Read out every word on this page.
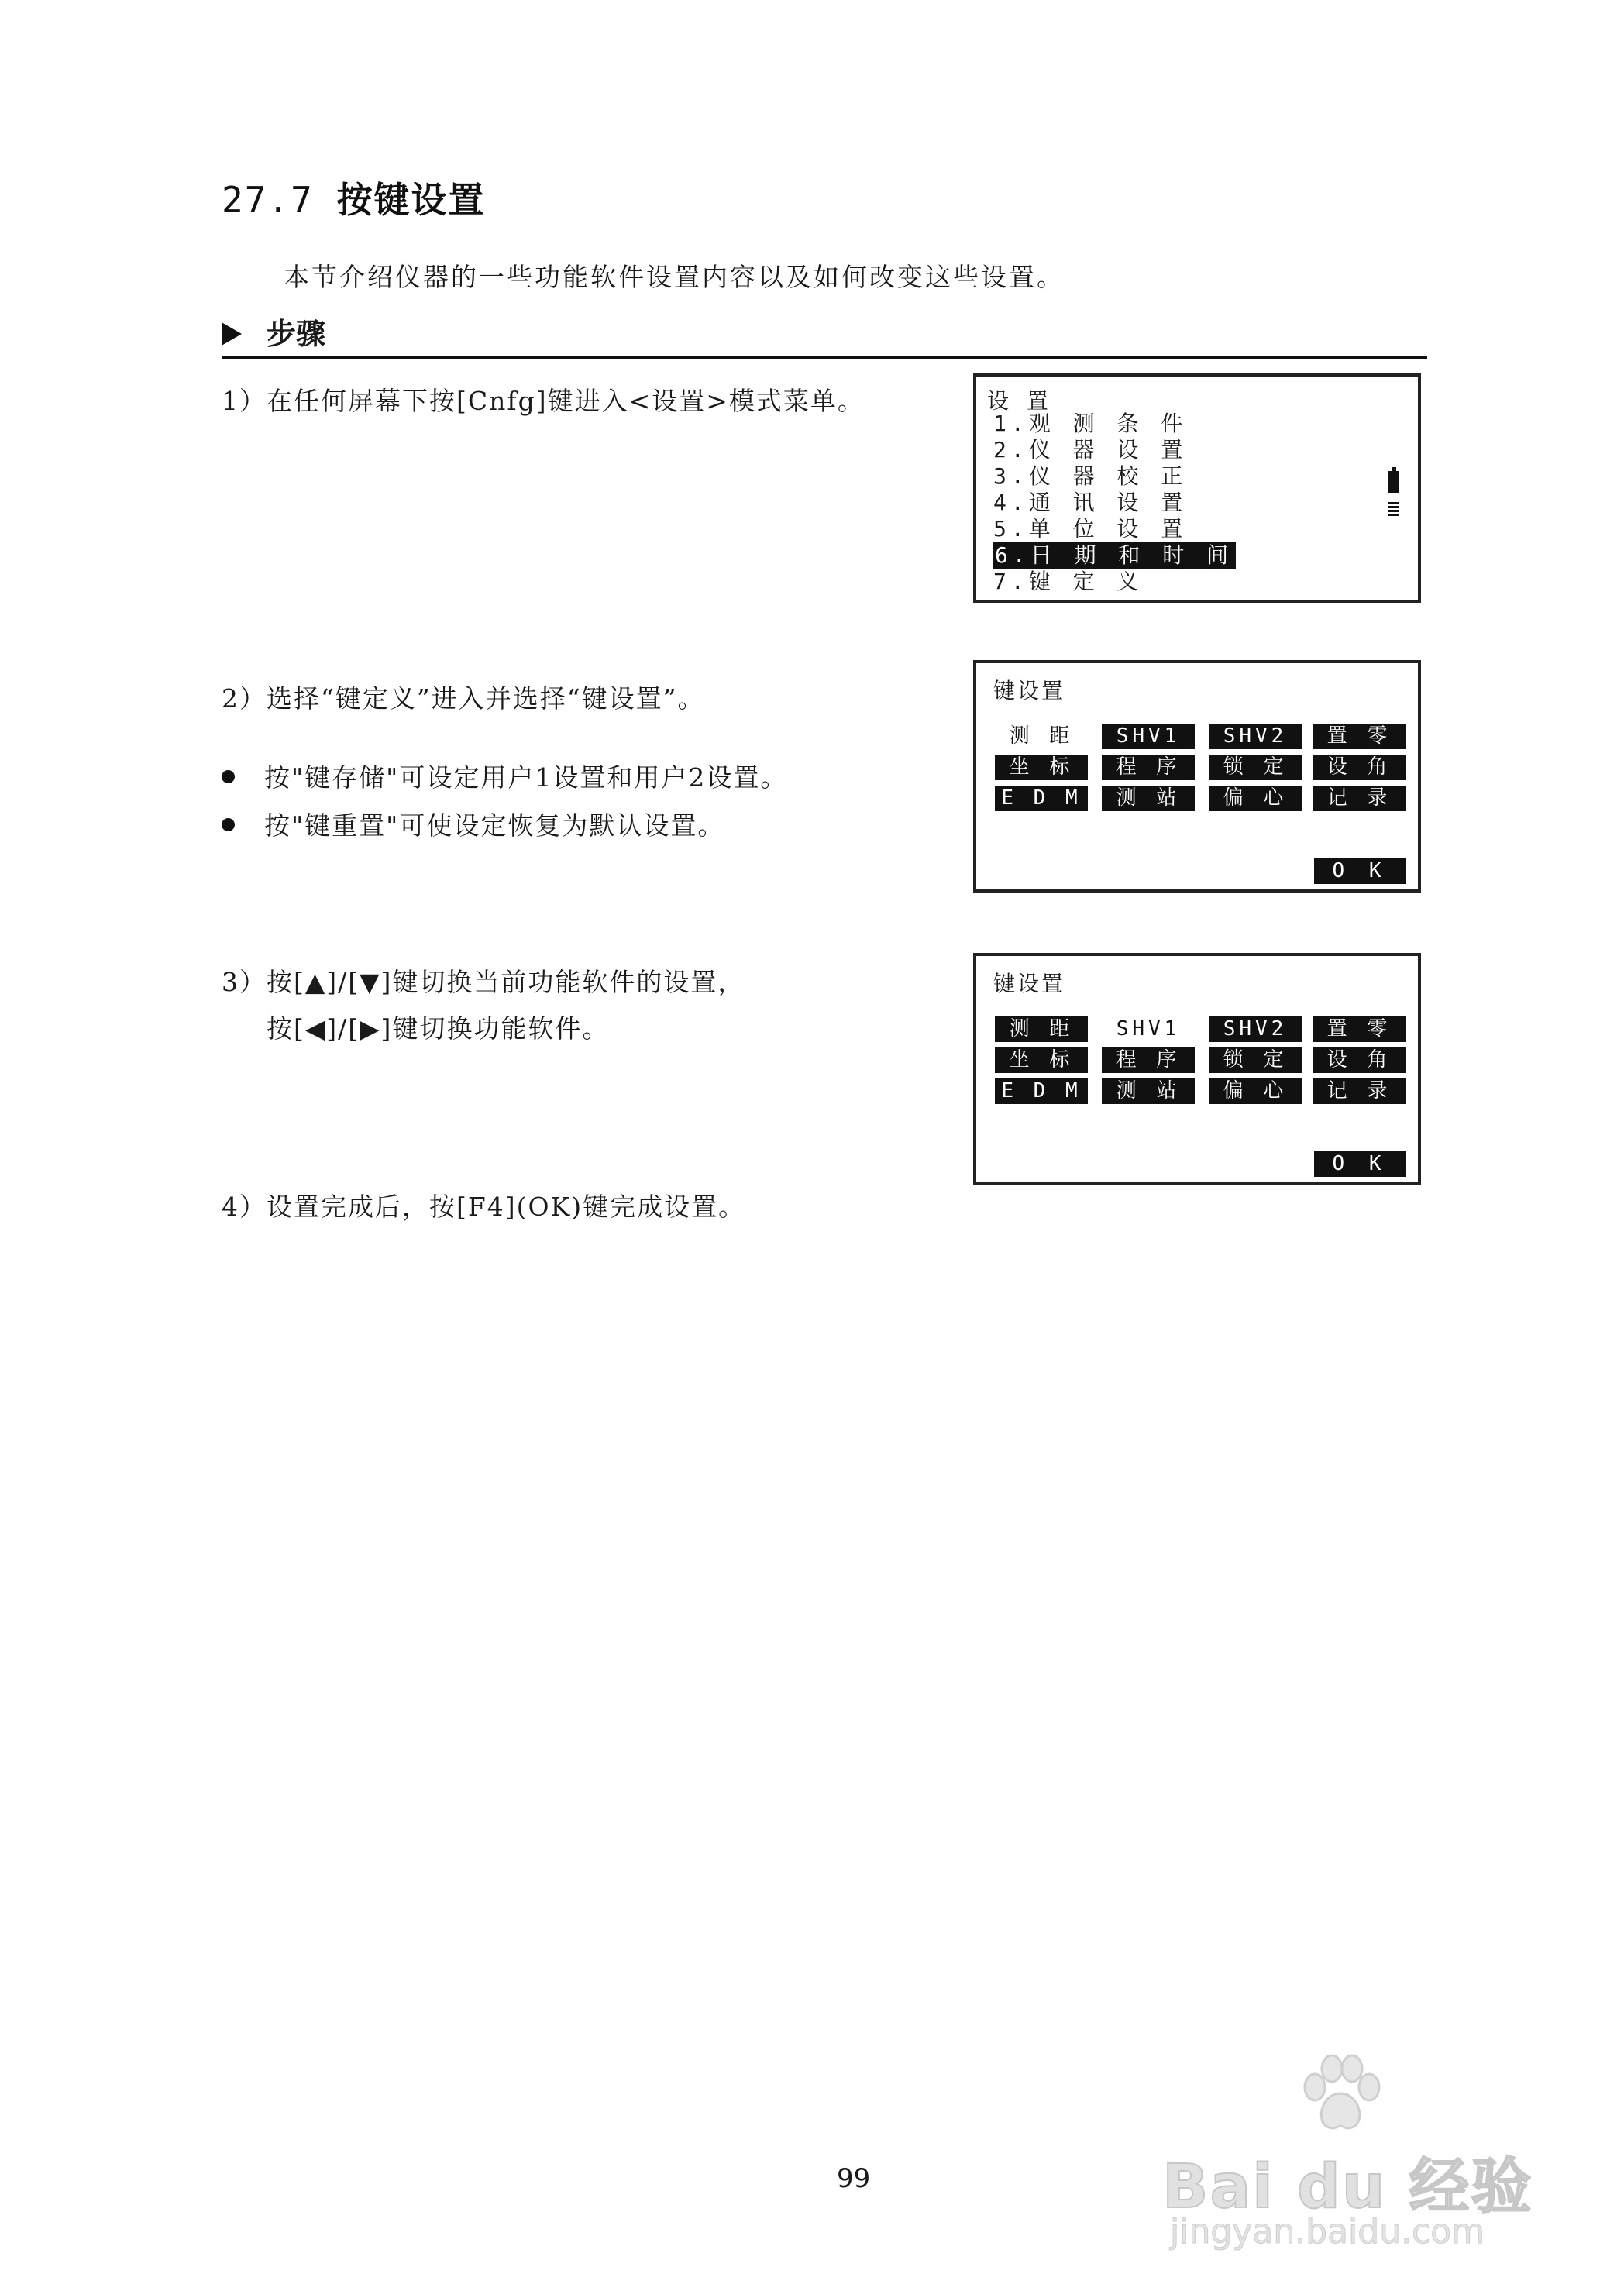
27.7 按键设置
本节介绍仪器的一些功能软件设置内容以及如何改变这些设置。
步骤
1）在任何屏幕下按[Cnfg]键进入<设置>模式菜单。
2）选择“键定义”进入并选择“键设置”。
按"键存储"可设定用户1设置和用户2设置。
按"键重置"可使设定恢复为默认设置。
3）按[▲]/[▼]键切换当前功能软件的设置，
按[◀]/[▶]键切换功能软件。
4）设置完成后，按[F4](OK)键完成设置。
设 置
1.观 测 条 件
2.仪 器 设 置
3.仪 器 校 正
4.通 讯 设 置
5.单 位 设 置
6.日 期 和 时 间
7.键 定 义
键设置
测 距	SHV1	SHV2	置 零
坐 标	程 序	锁 定	设 角
E D M	测 站	偏 心	记 录
O K
键设置
测 距	SHV1	SHV2	置 零
坐 标	程 序	锁 定	设 角
E D M	测 站	偏 心	记 录
O K
99	Bai du 经验
jingyan.baidu.com
